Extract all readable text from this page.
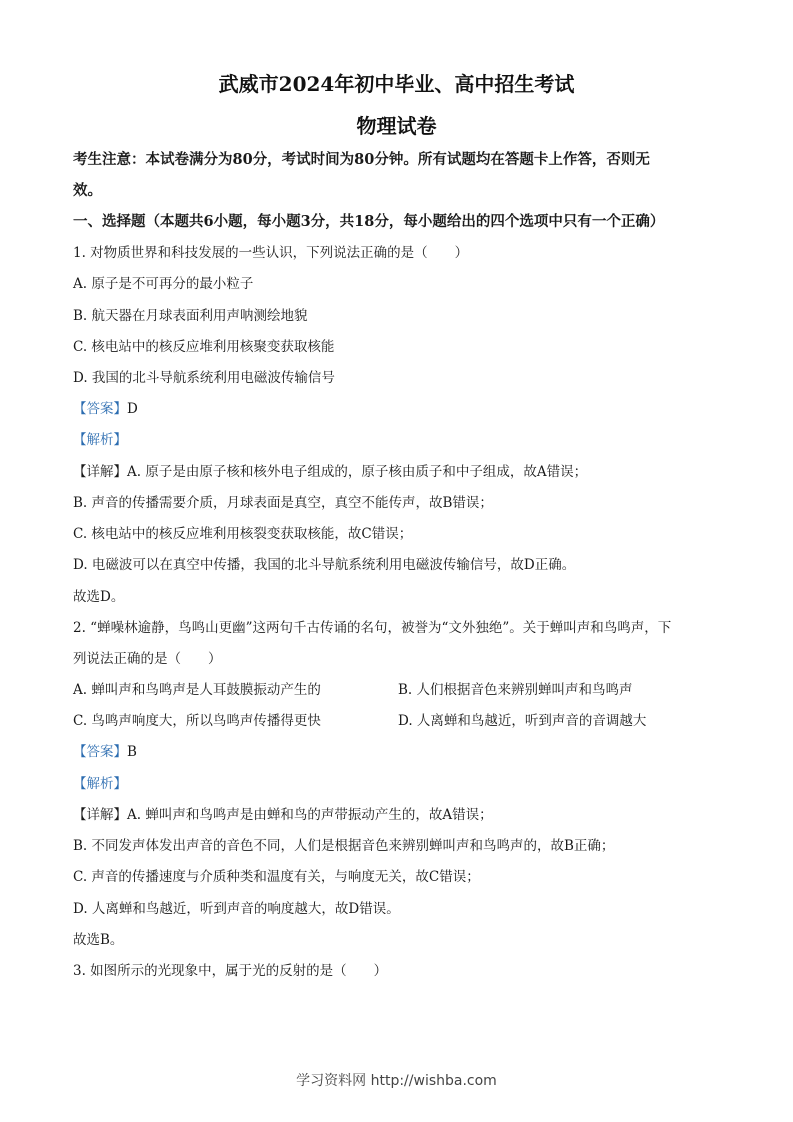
武威市2024年初中毕业、高中招生考试
物理试卷
考生注意：本试卷满分为80分，考试时间为80分钟。所有试题均在答题卡上作答，否则无
效。
一、选择题（本题共6小题，每小题3分，共18分，每小题给出的四个选项中只有一个正确）
1. 对物质世界和科技发展的一些认识，下列说法正确的是（　　）
A. 原子是不可再分的最小粒子
B. 航天器在月球表面利用声呐测绘地貌
C. 核电站中的核反应堆利用核聚变获取核能
D. 我国的北斗导航系统利用电磁波传输信号
【答案】D
【解析】
【详解】A. 原子是由原子核和核外电子组成的，原子核由质子和中子组成，故A错误；
B. 声音的传播需要介质，月球表面是真空，真空不能传声，故B错误；
C. 核电站中的核反应堆利用核裂变获取核能，故C错误；
D. 电磁波可以在真空中传播，我国的北斗导航系统利用电磁波传输信号，故D正确。
故选D。
2. “蝉噪林逾静，鸟鸣山更幽”这两句千古传诵的名句，被誉为“文外独绝”。关于蝉叫声和鸟鸣声，下
列说法正确的是（　　）
A. 蝉叫声和鸟鸣声是人耳鼓膜振动产生的	B. 人们根据音色来辨别蝉叫声和鸟鸣声
C. 鸟鸣声响度大，所以鸟鸣声传播得更快	D. 人离蝉和鸟越近，听到声音的音调越大
【答案】B
【解析】
【详解】A. 蝉叫声和鸟鸣声是由蝉和鸟的声带振动产生的，故A错误；
B. 不同发声体发出声音的音色不同，人们是根据音色来辨别蝉叫声和鸟鸣声的，故B正确；
C. 声音的传播速度与介质种类和温度有关，与响度无关，故C错误；
D. 人离蝉和鸟越近，听到声音的响度越大，故D错误。
故选B。
3. 如图所示的光现象中，属于光的反射的是（　　）
学习资料网 http://wishba.com
